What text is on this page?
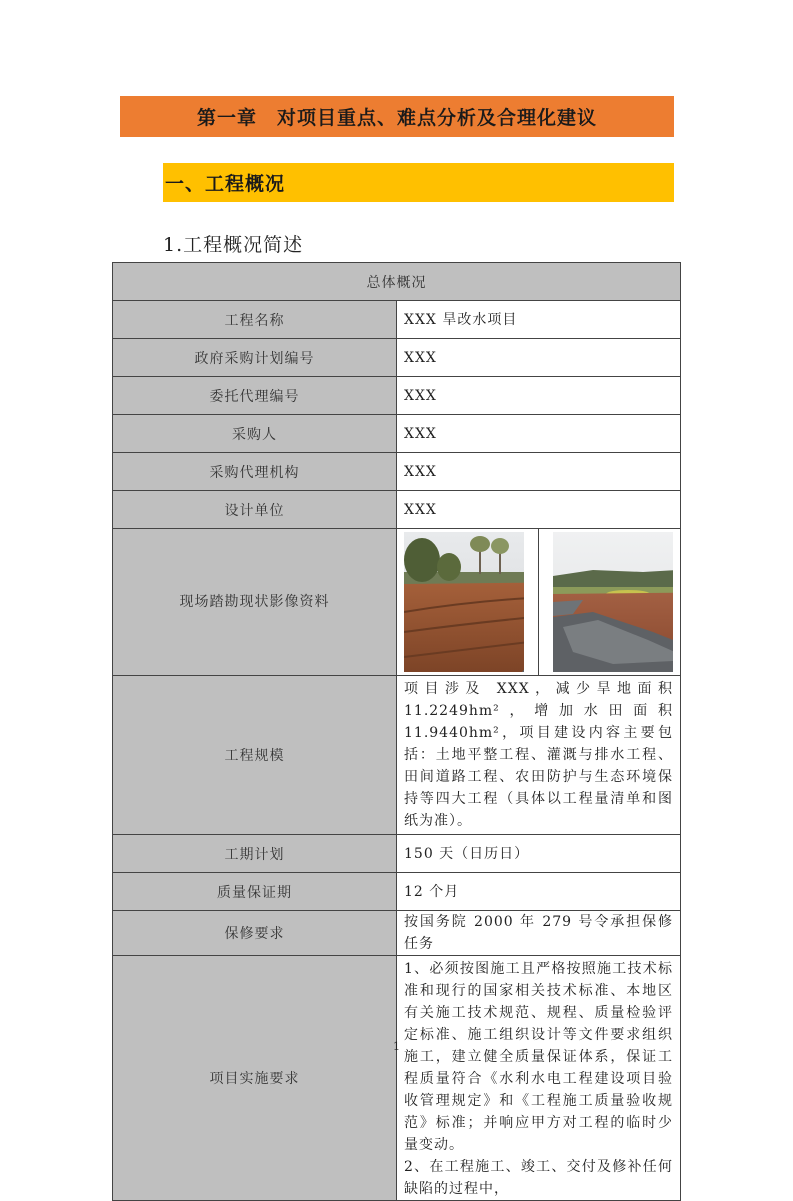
第一章　对项目重点、难点分析及合理化建议
一、工程概况
1.工程概况简述
总体概况	
工程名称	XXX 旱改水项目
政府采购计划编号	XXX
委托代理编号	XXX
采购人	XXX
采购代理机构	XXX
设计单位	XXX
现场踏勘现状影像资料	

工程规模	项目涉及 XXX，减少旱地面积 11.2249hm²，增加水田面积 11.9440hm²，项目建设内容主要包括：土地平整工程、灌溉与排水工程、田间道路工程、农田防护与生态环境保持等四大工程（具体以工程量清单和图纸为准）。
工期计划	150 天（日历日）
质量保证期	12 个月
保修要求	按国务院 2000 年 279 号令承担保修任务
项目实施要求	1、必须按图施工且严格按照施工技术标准和现行的国家相关技术标准、本地区有关施工技术规范、规程、质量检验评定标准、施工组织设计等文件要求组织施工，建立健全质量保证体系，保证工程质量符合《水利水电工程建设项目验收管理规定》和《工程施工质量验收规范》标准；并响应甲方对工程的临时少量变动。
2、在工程施工、竣工、交付及修补任何缺陷的过程中，
1
